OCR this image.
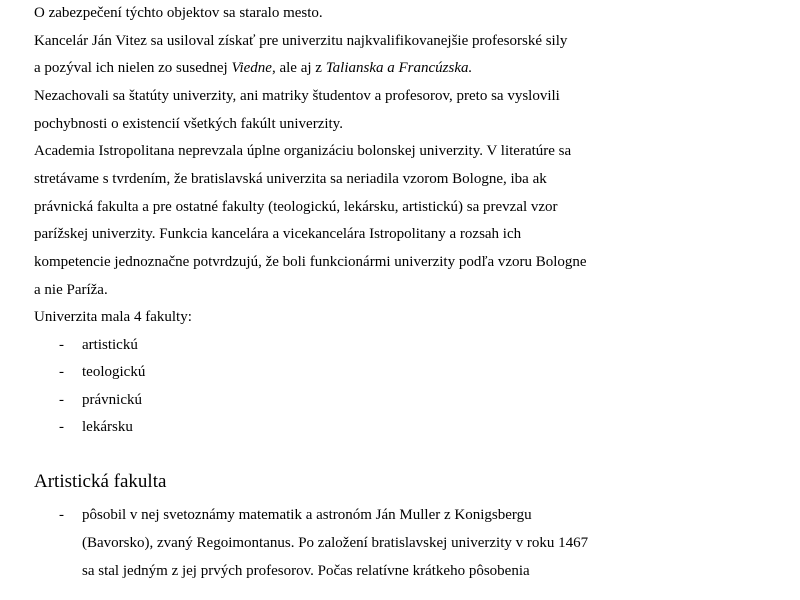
O zabezpečení týchto objektov sa staralo mesto.
Kancelár Ján Vitez sa usiloval získať pre univerzitu najkvalifikovanejšie profesorské sily
a pozýval ich nielen zo susednej Viedne, ale aj z Talianska a Francúzska.
Nezachovali sa štatúty univerzity, ani matriky študentov a profesorov, preto sa vyslovili
pochybnosti o existencií všetkých fakúlt univerzity.
Academia Istropolitana neprevzala úplne organizáciu bolonskej univerzity. V literatúre sa
stretávame s tvrdením, že bratislavská univerzita sa neriadila vzorom Bologne, iba ak
právnická fakulta a pre ostatné fakulty (teologickú, lekársku, artistickú) sa prevzal vzor
parížskej univerzity. Funkcia kancelára a vicekancelára Istropolitany a rozsah ich
kompetencie jednoznačne potvrdzujú, že boli funkcionármi univerzity podľa vzoru Bologne
a nie Paríža.
Univerzita mala 4 fakulty:
- artistickú
- teologickú
- právnickú
- lekársku
Artistická fakulta
- pôsobil v nej svetoznámy matematik a astronóm Ján Muller z Konigsbergu
(Bavorsko), zvaný Regoimontanus. Po založení bratislavskej univerzity v roku 1467
sa stal jedným z jej prvých profesorov. Počas relatívne krátkeho pôsobenia
